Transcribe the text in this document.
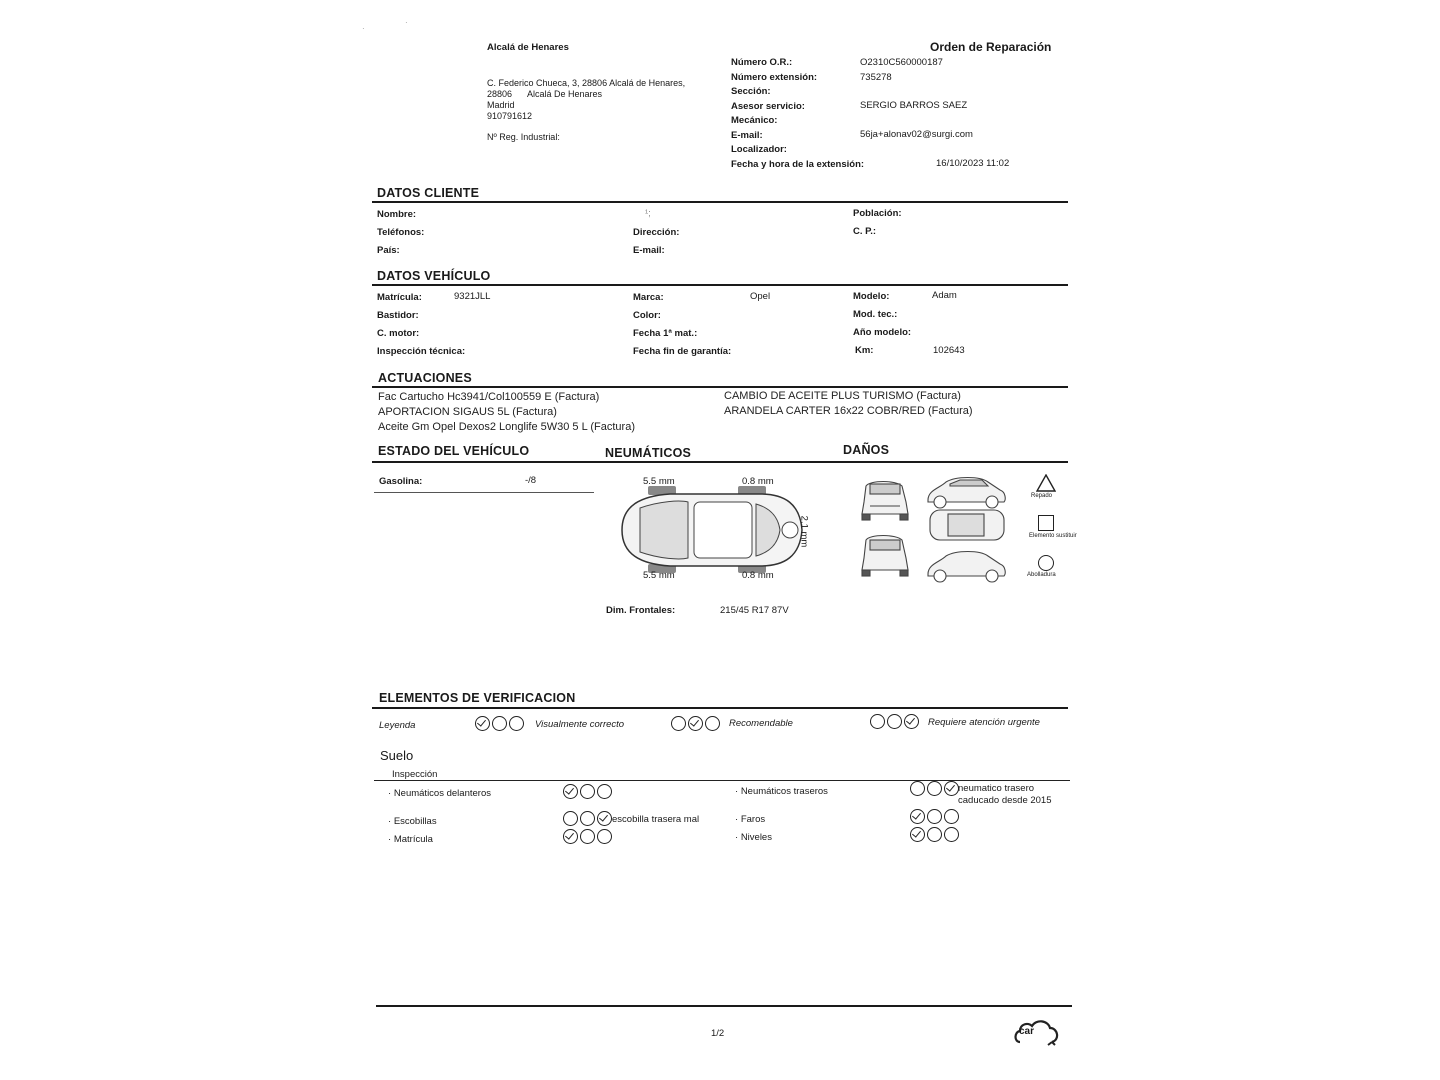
·
·
Alcalá de Henares
C. Federico Chueca, 3, 28806 Alcalá de Henares,
28806 Alcalá De Henares
Madrid
910791612
Nº Reg. Industrial:
Orden de Reparación
Número O.R.:	O2310C560000187
Número extensión:	735278
Sección:
Asesor servicio:	SERGIO BARROS SAEZ
Mecánico:
E-mail:	56ja+alonav02@surgi.com
Localizador:
Fecha y hora de la extensión:	16/10/2023 11:02
DATOS CLIENTE
Nombre:	¹;	Población:
Teléfonos:	Dirección:	C. P.:
País:	E-mail:
DATOS VEHÍCULO
Matrícula:	9321JLL	Marca:	Opel	Modelo:	Adam
Bastidor:	Color:	Mod. tec.:
C. motor:	Fecha 1ª mat.:	Año modelo:
Inspección técnica:	Fecha fin de garantía:	Km:	102643
ACTUACIONES
Fac Cartucho Hc3941/Col100559 E (Factura)
APORTACION SIGAUS 5L (Factura)
Aceite Gm Opel Dexos2 Longlife 5W30 5 L (Factura)
CAMBIO DE ACEITE PLUS TURISMO (Factura)
ARANDELA CARTER 16x22 COBR/RED (Factura)
ESTADO DEL VEHÍCULO	NEUMÁTICOS	DAÑOS
Gasolina:	-/8	5.5 mm	0.8 mm
5.5 mm	0.8 mm
2.1 mm
Dim. Frontales:	215/45 R17 87V
Repado
Elemento sustituir
Abolladura
ELEMENTOS DE VERIFICACION
Leyenda	Visualmente correcto	Recomendable	Requiere atención urgente
Suelo
Inspección
· Neumáticos delanteros
· Escobillas	escobilla trasera mal
· Matrícula
· Neumáticos traseros	neumatico trasero
caducado desde 2015
· Faros
· Niveles
1/2	car
